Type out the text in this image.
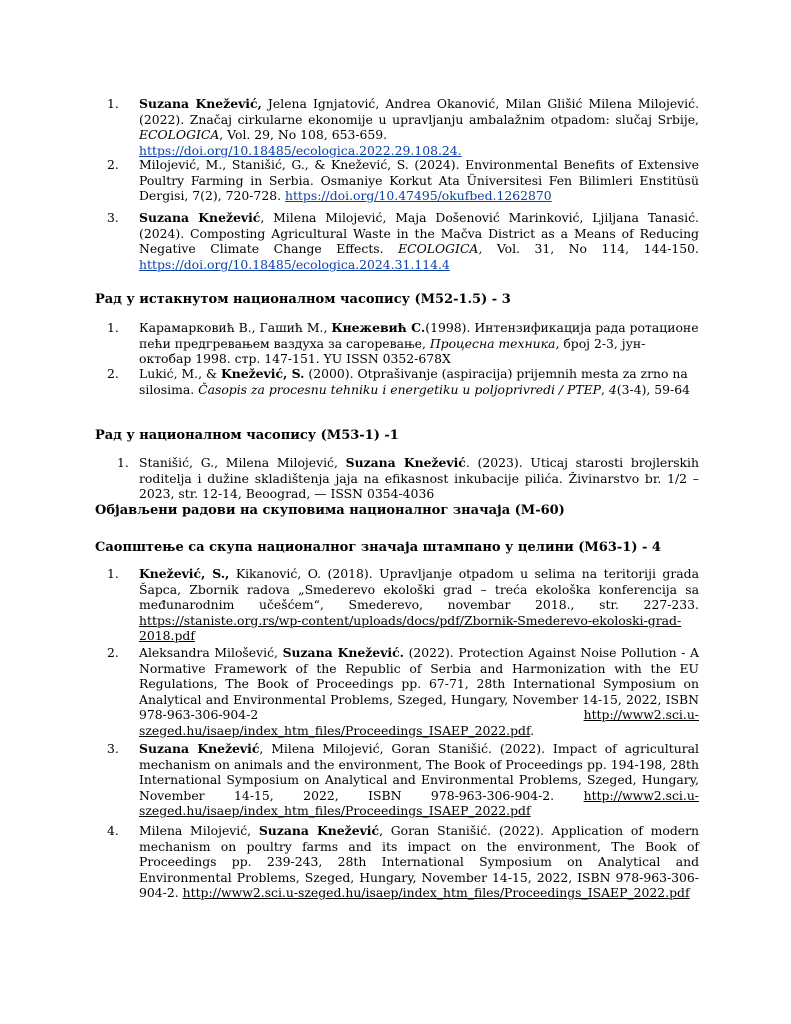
1.	Suzana Knežević, Jelena Ignjatović, Andrea Okanović, Milan Glišić Milena Milojević. (2022). Značaj cirkularne ekonomije u upravljanju ambalažnim otpadom: slučaj Srbije, ECOLOGICA, Vol. 29, No 108, 653-659.
https://doi.org/10.18485/ecologica.2022.29.108.24.
2.	Milojević, M., Stanišić, G., & Knežević, S. (2024). Environmental Benefits of Extensive Poultry Farming in Serbia. Osmaniye Korkut Ata Üniversitesi Fen Bilimleri Enstitüsü Dergisi, 7(2), 720-728. https://doi.org/10.47495/okufbed.1262870
3.	Suzana Knežević, Milena Milojević, Maja Došenović Marinković, Ljiljana Tanasić. (2024). Composting Agricultural Waste in the Mačva District as a Means of Reducing Negative Climate Change Effects. ECOLOGICA, Vol. 31, No 114, 144-150. https://doi.org/10.18485/ecologica.2024.31.114.4
Рад у истакнутом националном часопису (М52-1.5) - 3
1.	Карамарковић В., Гашић М., Кнежевић С.(1998). Интензификација рада ротационе пећи предгревањем ваздуха за сагоревање, Процесна техника, број 2-3, јун- октобар 1998. стр. 147-151. YU ISSN 0352-678X
2.	Lukić, M., & Knežević, S. (2000). Otprašivanje (aspiracija) prijemnih mesta za zrno na silosima. Časopis za procesnu tehniku i energetiku u poljoprivredi / PTEP, 4(3-4), 59-64
Рад у националном часопису (М53-1) -1
1. Stanišić, G., Milena Milojević, Suzana Knežević. (2023). Uticaj starosti brojlerskih roditelja i dužine skladištenja jaja na efikasnost inkubacije pilića. Živinarstvo br. 1/2 – 2023, str. 12-14, Beoograd, — ISSN 0354-4036
Објављени радови на скуповима националног значаја (М-60)
Саопштење са скупа националног значаја штампано у целини (М63-1) - 4
1.	Knežević, S., Kikanović, O. (2018). Upravljanje otpadom u selima na teritoriji grada Šapca, Zbornik radova „Smederevo ekološki grad – treća ekološka konferencija sa međunarodnim učešćem“, Smederevo, novembar 2018., str. 227-233. https://staniste.org.rs/wp-content/uploads/docs/pdf/Zbornik-Smederevo-ekoloski-grad-2018.pdf
2.	Aleksandra Milošević, Suzana Knežević. (2022). Protection Against Noise Pollution - A Normative Framework of the Republic of Serbia and Harmonization with the EU Regulations, The Book of Proceedings pp. 67-71, 28th International Symposium on Analytical and Environmental Problems, Szeged, Hungary, November 14-15, 2022, ISBN 978-963-306-904-2 http://www2.sci.u-szeged.hu/isaep/index_htm_files/Proceedings_ISAEP_2022.pdf.
3.	Suzana Knežević, Milena Milojević, Goran Stanišić. (2022). Impact of agricultural mechanism on animals and the environment, The Book of Proceedings pp. 194-198, 28th International Symposium on Analytical and Environmental Problems, Szeged, Hungary, November 14-15, 2022, ISBN 978-963-306-904-2. http://www2.sci.u-szeged.hu/isaep/index_htm_files/Proceedings_ISAEP_2022.pdf
4.	Milena Milojević, Suzana Knežević, Goran Stanišić. (2022). Application of modern mechanism on poultry farms and its impact on the environment, The Book of Proceedings pp. 239-243, 28th International Symposium on Analytical and Environmental Problems, Szeged, Hungary, November 14-15, 2022, ISBN 978-963-306-904-2. http://www2.sci.u-szeged.hu/isaep/index_htm_files/Proceedings_ISAEP_2022.pdf
